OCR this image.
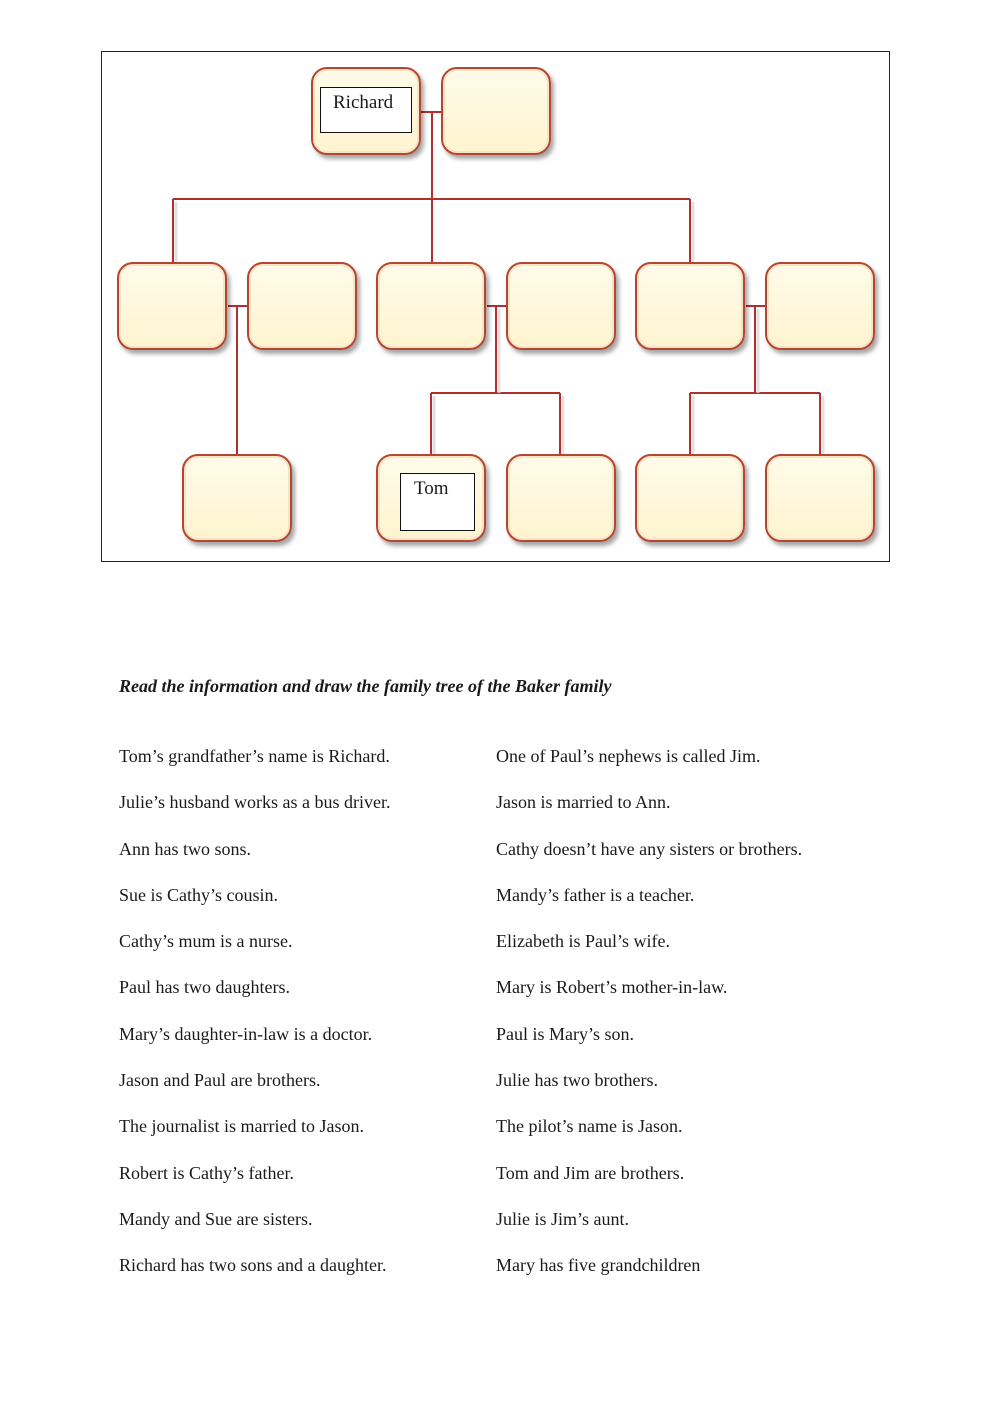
Richard
Tom

Read the information and draw the family tree of the Baker family

Tom’s grandfather’s name is Richard.
Julie’s husband works as a bus driver.
Ann has two sons.
Sue is Cathy’s cousin.
Cathy’s mum is a nurse.
Paul has two daughters.
Mary’s daughter-in-law is a doctor.
Jason and Paul are brothers.
The journalist is married to Jason.
Robert is Cathy’s father.
Mandy and Sue are sisters.
Richard has two sons and a daughter.
One of Paul’s nephews is called Jim.
Jason is married to Ann.
Cathy doesn’t have any sisters or brothers.
Mandy’s father is a teacher.
Elizabeth is Paul’s wife.
Mary is Robert’s mother-in-law.
Paul is Mary’s son.
Julie has two brothers.
The pilot’s name is Jason.
Tom and Jim are brothers.
Julie is Jim’s aunt.
Mary has five grandchildren
